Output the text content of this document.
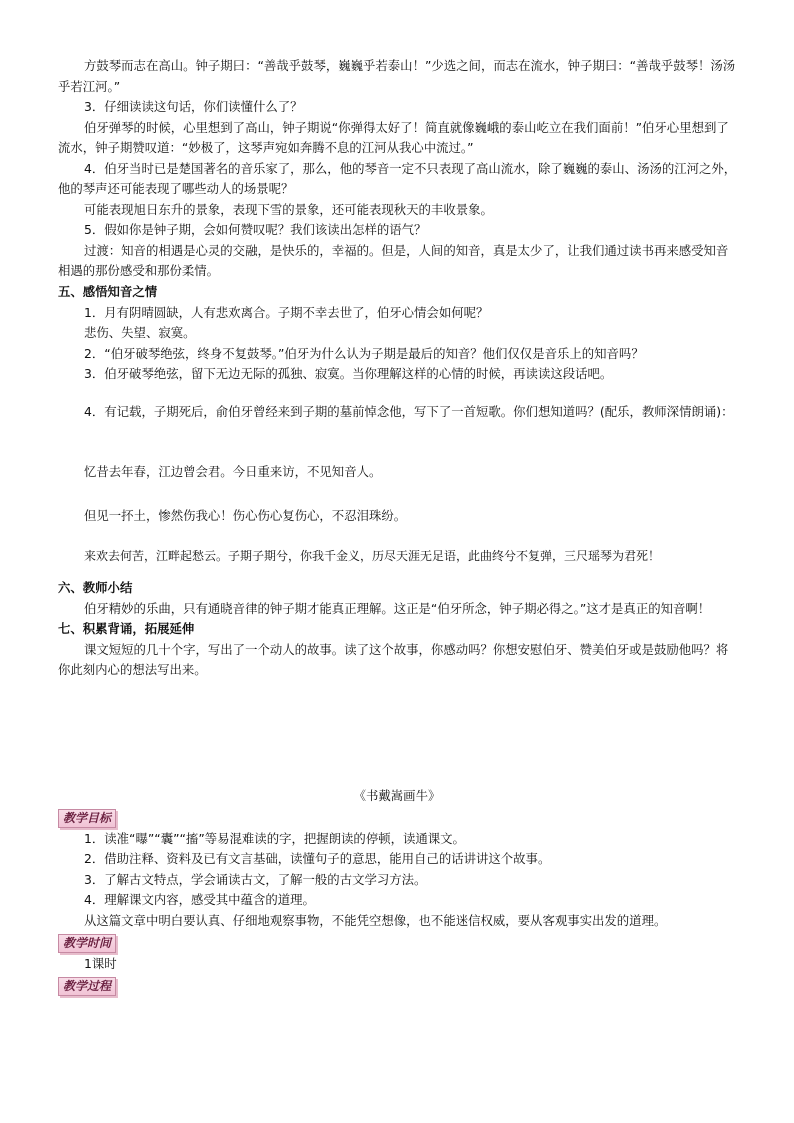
方鼓琴而志在高山。钟子期曰：“善哉乎鼓琴，巍巍乎若泰山！”少选之间，而志在流水，钟子期曰：“善哉乎鼓琴！汤汤乎若江河。”

3．仔细读读这句话，你们读懂什么了？

伯牙弹琴的时候，心里想到了高山，钟子期说“你弹得太好了！简直就像巍峨的泰山屹立在我们面前！”伯牙心里想到了流水，钟子期赞叹道：“妙极了，这琴声宛如奔腾不息的江河从我心中流过。”

4．伯牙当时已是楚国著名的音乐家了，那么，他的琴音一定不只表现了高山流水，除了巍巍的泰山、汤汤的江河之外，他的琴声还可能表现了哪些动人的场景呢？

可能表现旭日东升的景象，表现下雪的景象，还可能表现秋天的丰收景象。

5．假如你是钟子期，会如何赞叹呢？我们该读出怎样的语气？

过渡：知音的相遇是心灵的交融，是快乐的，幸福的。但是，人间的知音，真是太少了，让我们通过读书再来感受知音相遇的那份感受和那份柔情。

五、感悟知音之情

1．月有阴晴圆缺，人有悲欢离合。子期不幸去世了，伯牙心情会如何呢？

悲伤、失望、寂寞。

2．“伯牙破琴绝弦，终身不复鼓琴。”伯牙为什么认为子期是最后的知音？他们仅仅是音乐上的知音吗？

3．伯牙破琴绝弦，留下无边无际的孤独、寂寞。当你理解这样的心情的时候，再读读这段话吧。

4．有记载，子期死后，俞伯牙曾经来到子期的墓前悼念他，写下了一首短歌。你们想知道吗？(配乐，教师深情朗诵)：

忆昔去年春，江边曾会君。今日重来访，不见知音人。
但见一抔土，惨然伤我心！伤心伤心复伤心，不忍泪珠纷。
来欢去何苦，江畔起愁云。子期子期兮，你我千金义，历尽天涯无足语，此曲终兮不复弹，三尺瑶琴为君死！

六、教师小结

伯牙精妙的乐曲，只有通晓音律的钟子期才能真正理解。这正是“伯牙所念，钟子期必得之。”这才是真正的知音啊！

七、积累背诵，拓展延伸

课文短短的几十个字，写出了一个动人的故事。读了这个故事，你感动吗？你想安慰伯牙、赞美伯牙或是鼓励他吗？将你此刻内心的想法写出来。

《书戴嵩画牛》
教学目标

1．读准“曝”“囊”“搐”等易混难读的字，把握朗读的停顿，读通课文。

2．借助注释、资料及已有文言基础，读懂句子的意思，能用自己的话讲讲这个故事。

3．了解古文特点，学会诵读古文，了解一般的古文学习方法。

4．理解课文内容，感受其中蕴含的道理。

从这篇文章中明白要认真、仔细地观察事物，不能凭空想像，也不能迷信权威，要从客观事实出发的道理。

教学时间

1课时

教学过程
